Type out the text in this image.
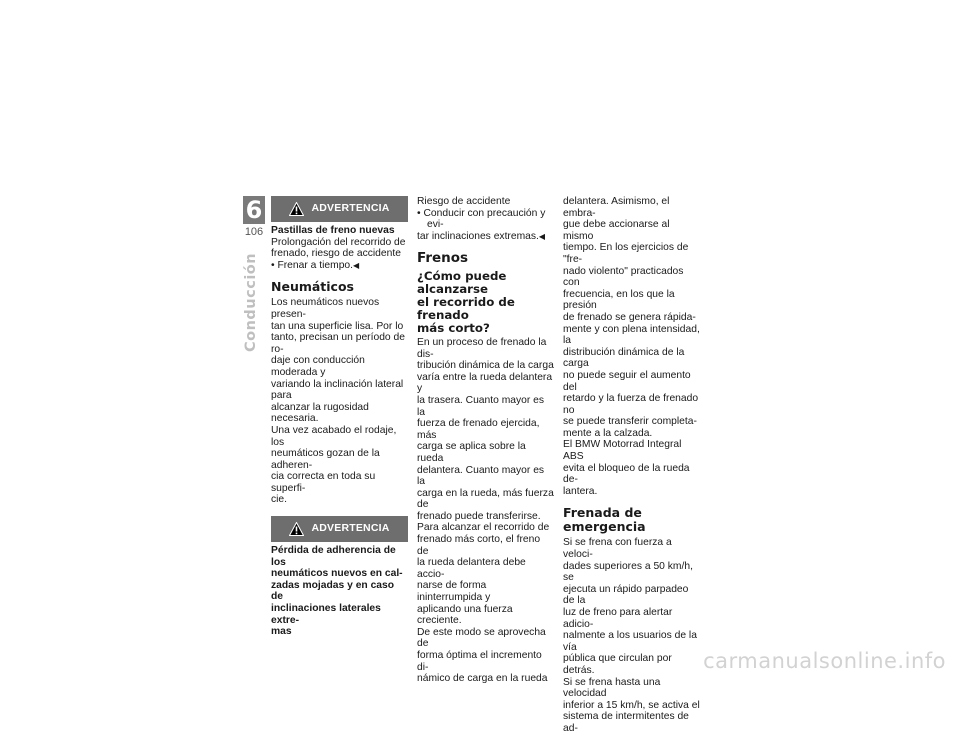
6
106
Conducción
ADVERTENCIA
Pastillas de freno nuevas
Prolongación del recorrido de
frenado, riesgo de accidente
• Frenar a tiempo.◀
Neumáticos
Los neumáticos nuevos presen-
tan una superficie lisa. Por lo
tanto, precisan un período de ro-
daje con conducción moderada y
variando la inclinación lateral para
alcanzar la rugosidad necesaria.
Una vez acabado el rodaje, los
neumáticos gozan de la adheren-
cia correcta en toda su superfi-
cie.
ADVERTENCIA
Pérdida de adherencia de los
neumáticos nuevos en cal-
zadas mojadas y en caso de
inclinaciones laterales extre-
mas
Riesgo de accidente
• Conducir con precaución y evi-
tar inclinaciones extremas.◀
Frenos
¿Cómo puede alcanzarse
el recorrido de frenado
más corto?
En un proceso de frenado la dis-
tribución dinámica de la carga
varía entre la rueda delantera y
la trasera. Cuanto mayor es la
fuerza de frenado ejercida, más
carga se aplica sobre la rueda
delantera. Cuanto mayor es la
carga en la rueda, más fuerza de
frenado puede transferirse.
Para alcanzar el recorrido de
frenado más corto, el freno de
la rueda delantera debe accio-
narse de forma ininterrumpida y
aplicando una fuerza creciente.
De este modo se aprovecha de
forma óptima el incremento di-
námico de carga en la rueda
delantera. Asimismo, el embra-
gue debe accionarse al mismo
tiempo. En los ejercicios de "fre-
nado violento" practicados con
frecuencia, en los que la presión
de frenado se genera rápida-
mente y con plena intensidad, la
distribución dinámica de la carga
no puede seguir el aumento del
retardo y la fuerza de frenado no
se puede transferir completa-
mente a la calzada.
El BMW Motorrad Integral ABS
evita el bloqueo de la rueda de-
lantera.
Frenada de emergencia
Si se frena con fuerza a veloci-
dades superiores a 50 km/h, se
ejecuta un rápido parpadeo de la
luz de freno para alertar adicio-
nalmente a los usuarios de la vía
pública que circulan por detrás.
Si se frena hasta una velocidad
inferior a 15 km/h, se activa el
sistema de intermitentes de ad-
carmanualsonline.info
